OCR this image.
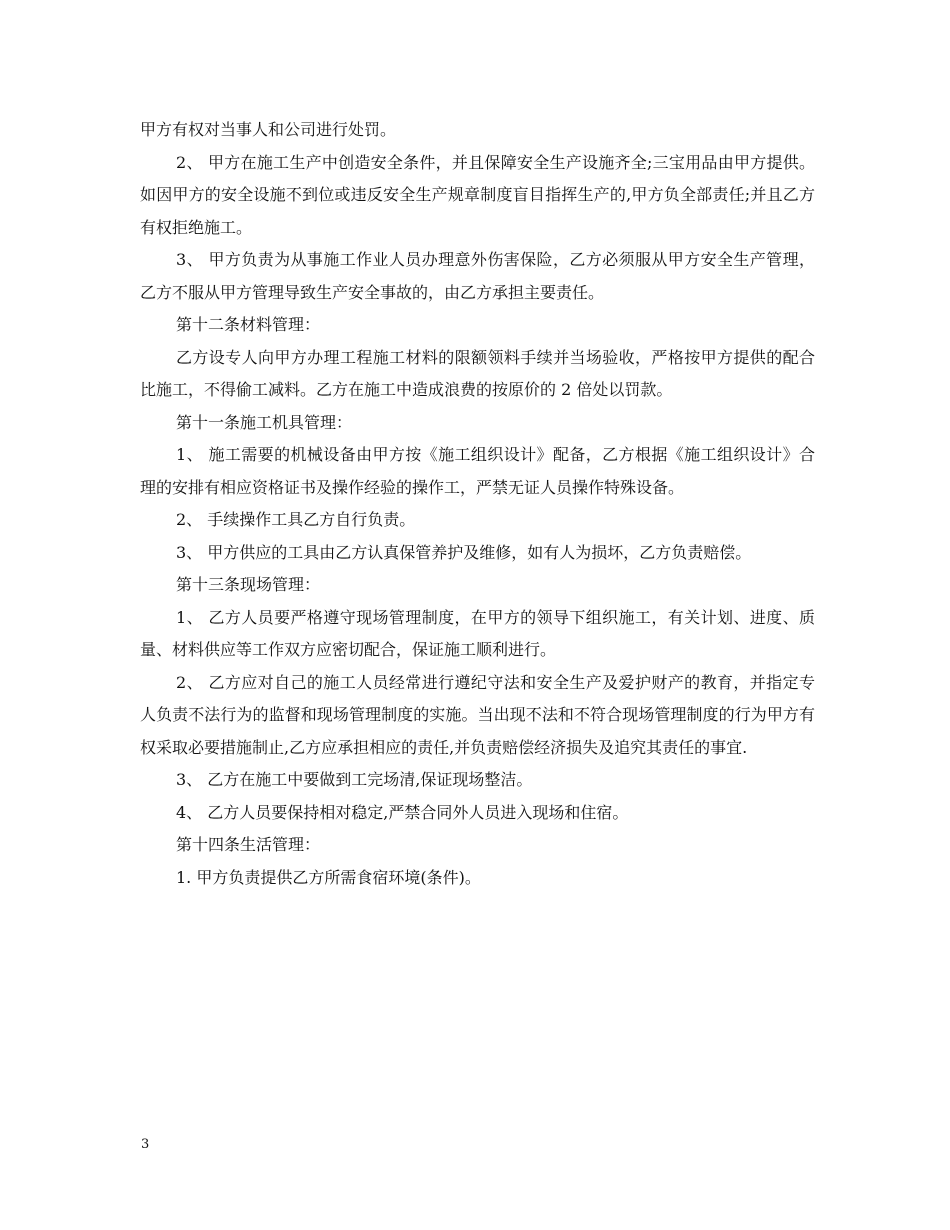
甲方有权对当事人和公司进行处罚。

2、 甲方在施工生产中创造安全条件，并且保障安全生产设施齐全;三宝用品由甲方提供。如因甲方的安全设施不到位或违反安全生产规章制度盲目指挥生产的,甲方负全部责任;并且乙方有权拒绝施工。

3、 甲方负责为从事施工作业人员办理意外伤害保险，乙方必须服从甲方安全生产管理，乙方不服从甲方管理导致生产安全事故的，由乙方承担主要责任。

第十二条材料管理：

乙方设专人向甲方办理工程施工材料的限额领料手续并当场验收，严格按甲方提供的配合比施工，不得偷工减料。乙方在施工中造成浪费的按原价的 2 倍处以罚款。

第十一条施工机具管理：

1、 施工需要的机械设备由甲方按《施工组织设计》配备，乙方根据《施工组织设计》合理的安排有相应资格证书及操作经验的操作工，严禁无证人员操作特殊设备。

2、 手续操作工具乙方自行负责。

3、 甲方供应的工具由乙方认真保管养护及维修，如有人为损坏，乙方负责赔偿。

第十三条现场管理：

1、 乙方人员要严格遵守现场管理制度，在甲方的领导下组织施工，有关计划、进度、质量、材料供应等工作双方应密切配合，保证施工顺利进行。

2、 乙方应对自己的施工人员经常进行遵纪守法和安全生产及爱护财产的教育，并指定专人负责不法行为的监督和现场管理制度的实施。当出现不法和不符合现场管理制度的行为甲方有权采取必要措施制止,乙方应承担相应的责任,并负责赔偿经济损失及追究其责任的事宜.

3、 乙方在施工中要做到工完场清,保证现场整洁。

4、 乙方人员要保持相对稳定,严禁合同外人员进入现场和住宿。

第十四条生活管理：

1. 甲方负责提供乙方所需食宿环境(条件)。

3
